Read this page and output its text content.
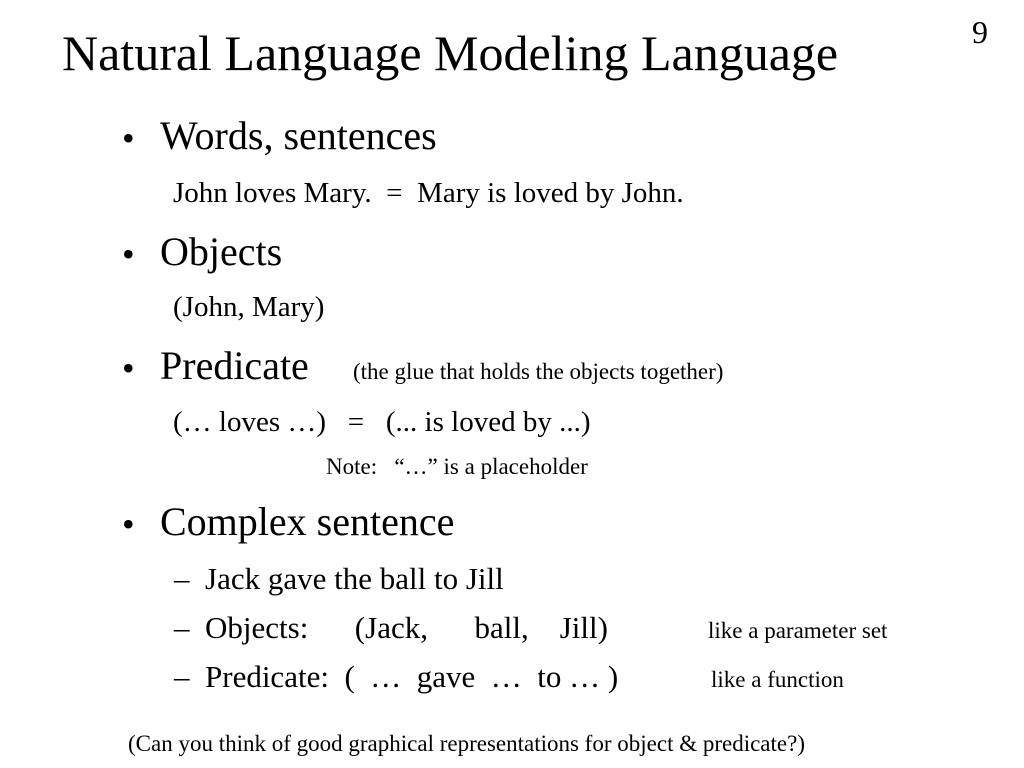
Natural Language Modeling Language	9
• Words, sentences
John loves Mary.  =  Mary is loved by John.
• Objects
(John, Mary)
• Predicate (the glue that holds the objects together)
(… loves …)   =   (... is loved by ...)
Note:   “…” is a placeholder
• Complex sentence
– Jack gave the ball to Jill
– Objects:      (Jack,      ball,    Jill)	like a parameter set
– Predicate:  (  …  gave  …  to … )	like a function
(Can you think of good graphical representations for object & predicate?)
